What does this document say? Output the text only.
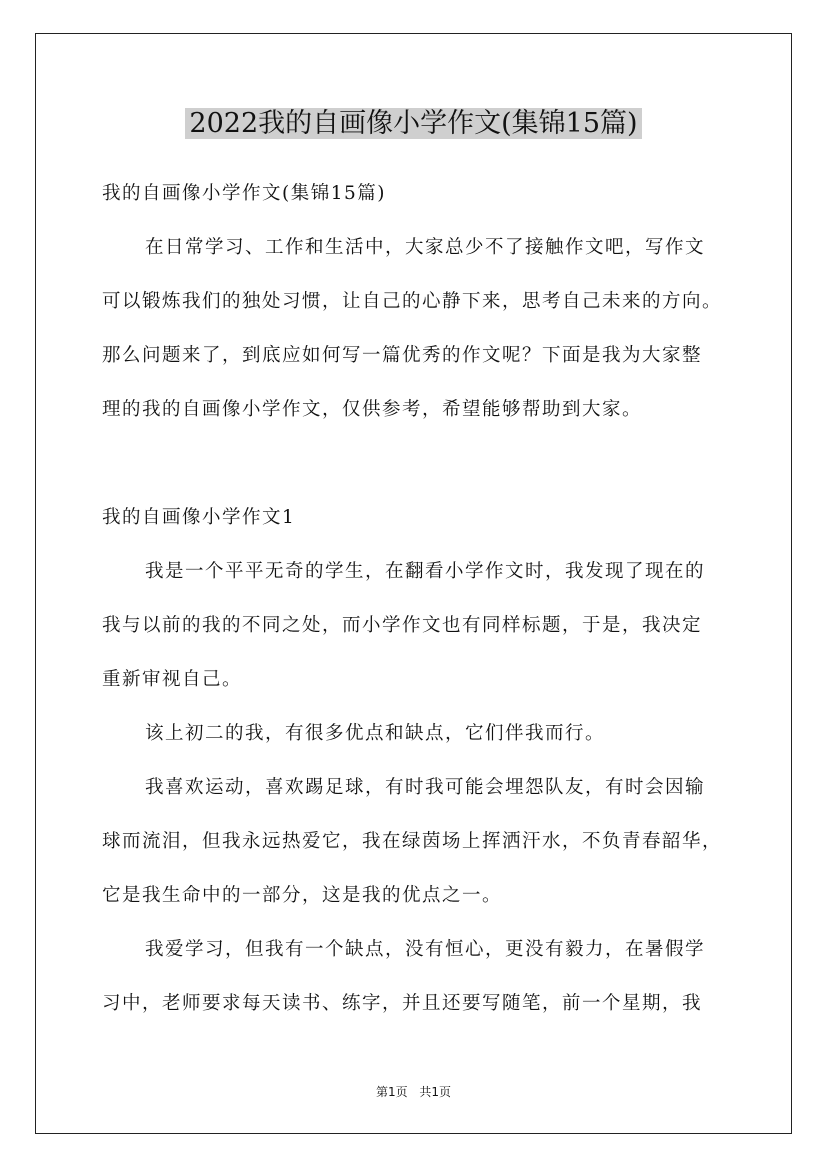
2022我的自画像小学作文(集锦15篇)
我的自画像小学作文(集锦15篇)
在日常学习、工作和生活中，大家总少不了接触作文吧，写作文
可以锻炼我们的独处习惯，让自己的心静下来，思考自己未来的方向。
那么问题来了，到底应如何写一篇优秀的作文呢？下面是我为大家整
理的我的自画像小学作文，仅供参考，希望能够帮助到大家。
我的自画像小学作文1
我是一个平平无奇的学生，在翻看小学作文时，我发现了现在的
我与以前的我的不同之处，而小学作文也有同样标题，于是，我决定
重新审视自己。
该上初二的我，有很多优点和缺点，它们伴我而行。
我喜欢运动，喜欢踢足球，有时我可能会埋怨队友，有时会因输
球而流泪，但我永远热爱它，我在绿茵场上挥洒汗水，不负青春韶华，
它是我生命中的一部分，这是我的优点之一。
我爱学习，但我有一个缺点，没有恒心，更没有毅力，在暑假学
习中，老师要求每天读书、练字，并且还要写随笔，前一个星期，我
第1页 共1页
